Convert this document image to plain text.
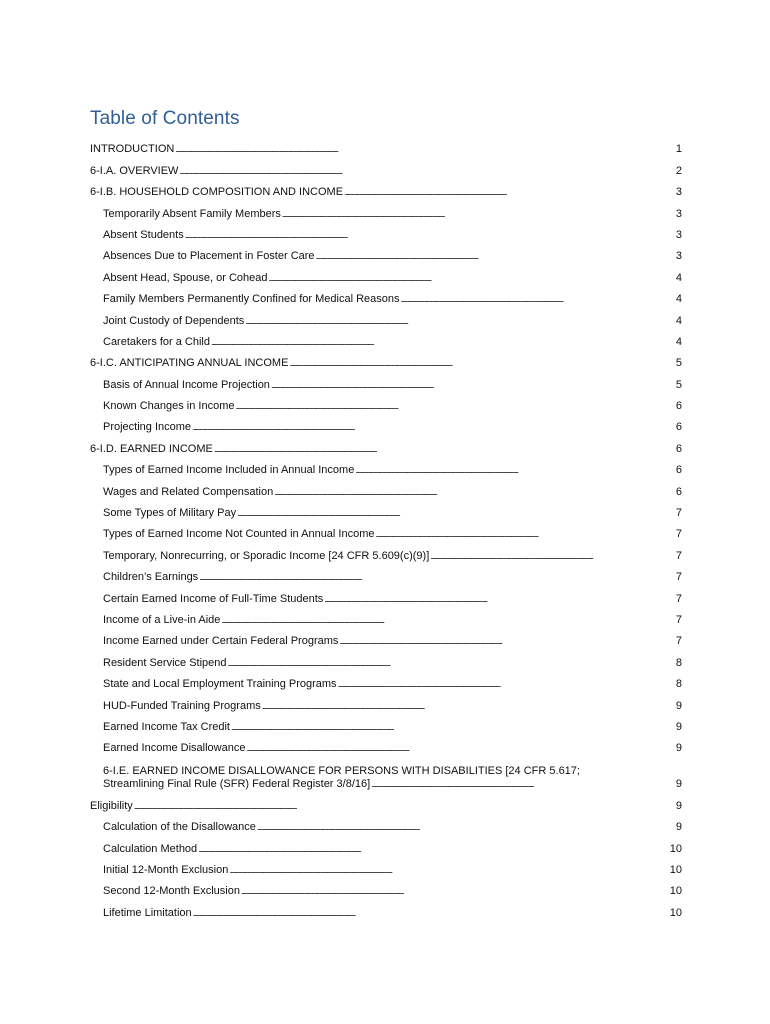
Table of Contents
INTRODUCTION . . .	1
6-I.A. OVERVIEW . . .	2
6-I.B. HOUSEHOLD COMPOSITION AND INCOME . . .	3
Temporarily Absent Family Members . . .	3
Absent Students . . .	3
Absences Due to Placement in Foster Care . . .	3
Absent Head, Spouse, or Cohead . . .	4
Family Members Permanently Confined for Medical Reasons . . .	4
Joint Custody of Dependents . . .	4
Caretakers for a Child . . .	4
6-I.C. ANTICIPATING ANNUAL INCOME . . .	5
Basis of Annual Income Projection . . .	5
Known Changes in Income . . .	6
Projecting Income . . .	6
6-I.D. EARNED INCOME . . .	6
Types of Earned Income Included in Annual Income . . .	6
Wages and Related Compensation . . .	6
Some Types of Military Pay . . .	7
Types of Earned Income Not Counted in Annual Income . . .	7
Temporary, Nonrecurring, or Sporadic Income [24 CFR 5.609(c)(9)] . . .	7
Children’s Earnings . . .	7
Certain Earned Income of Full-Time Students . . .	7
Income of a Live-in Aide . . .	7
Income Earned under Certain Federal Programs . . .	7
Resident Service Stipend . . .	8
State and Local Employment Training Programs . . .	8
HUD-Funded Training Programs . . .	9
Earned Income Tax Credit . . .	9
Earned Income Disallowance . . .	9
6-I.E. EARNED INCOME DISALLOWANCE FOR PERSONS WITH DISABILITIES [24 CFR 5.617;
Streamlining Final Rule (SFR) Federal Register 3/8/16] . . .	9
Eligibility . . .	9
Calculation of the Disallowance . . .	9
Calculation Method . . .	10
Initial 12-Month Exclusion . . .	10
Second 12-Month Exclusion . . .	10
Lifetime Limitation . . .	10
